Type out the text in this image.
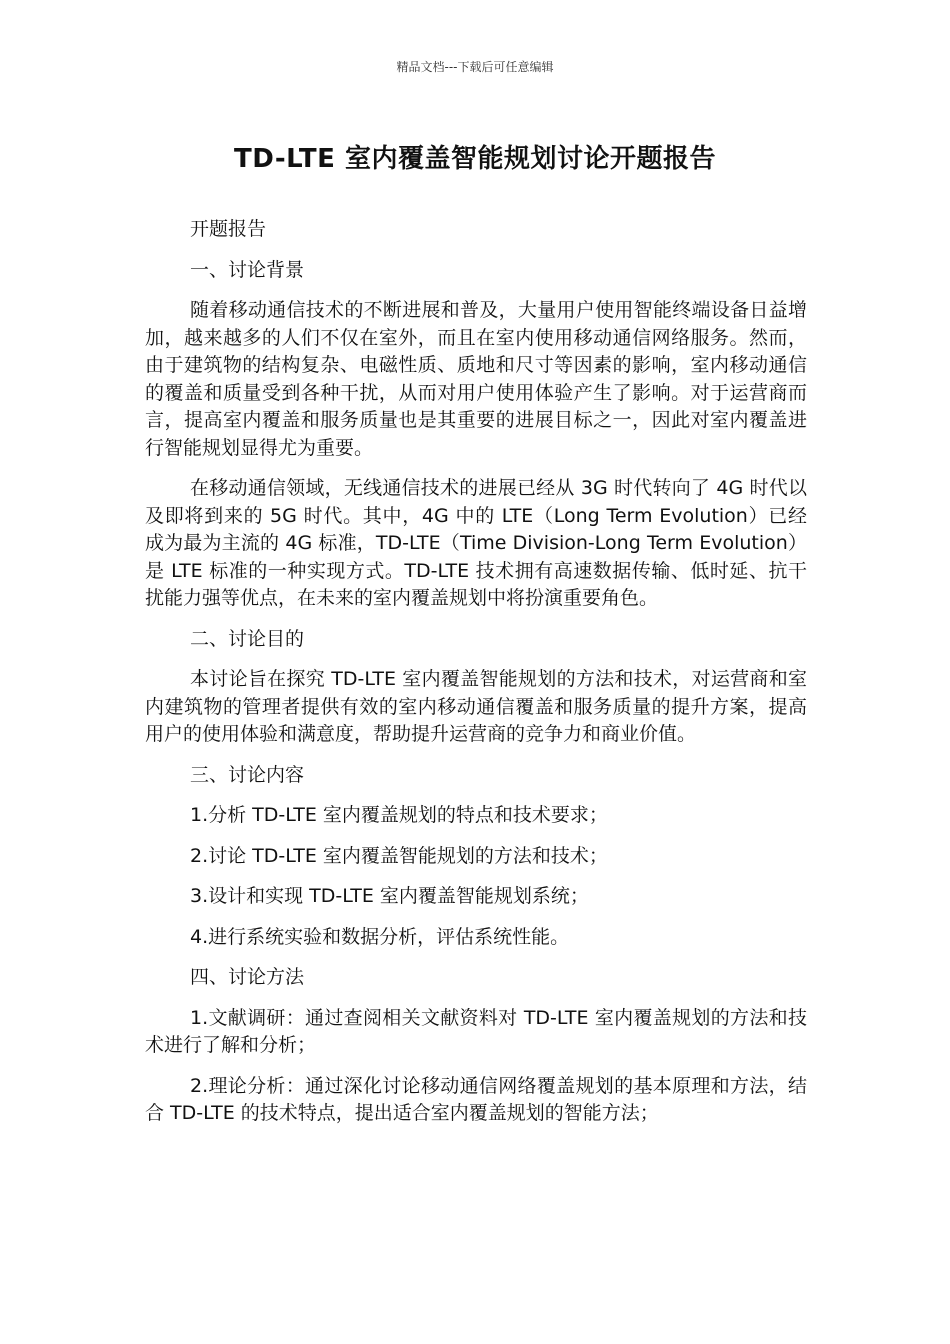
精品文档---下载后可任意编辑
TD-LTE 室内覆盖智能规划讨论开题报告

开题报告

一、讨论背景

随着移动通信技术的不断进展和普及，大量用户使用智能终端设备日益增加，越来越多的人们不仅在室外，而且在室内使用移动通信网络服务。然而，由于建筑物的结构复杂、电磁性质、质地和尺寸等因素的影响，室内移动通信的覆盖和质量受到各种干扰，从而对用户使用体验产生了影响。对于运营商而言，提高室内覆盖和服务质量也是其重要的进展目标之一，因此对室内覆盖进行智能规划显得尤为重要。

在移动通信领域，无线通信技术的进展已经从 3G 时代转向了 4G 时代以及即将到来的 5G 时代。其中，4G 中的 LTE（Long Term Evolution）已经成为最为主流的 4G 标准，TD-LTE（Time Division-Long Term Evolution）是 LTE 标准的一种实现方式。TD-LTE 技术拥有高速数据传输、低时延、抗干扰能力强等优点，在未来的室内覆盖规划中将扮演重要角色。

二、讨论目的

本讨论旨在探究 TD-LTE 室内覆盖智能规划的方法和技术，对运营商和室内建筑物的管理者提供有效的室内移动通信覆盖和服务质量的提升方案，提高用户的使用体验和满意度，帮助提升运营商的竞争力和商业价值。

三、讨论内容

1.分析 TD-LTE 室内覆盖规划的特点和技术要求；

2.讨论 TD-LTE 室内覆盖智能规划的方法和技术；

3.设计和实现 TD-LTE 室内覆盖智能规划系统；

4.进行系统实验和数据分析，评估系统性能。

四、讨论方法

1.文献调研：通过查阅相关文献资料对 TD-LTE 室内覆盖规划的方法和技术进行了解和分析；

2.理论分析：通过深化讨论移动通信网络覆盖规划的基本原理和方法，结合 TD-LTE 的技术特点，提出适合室内覆盖规划的智能方法；
